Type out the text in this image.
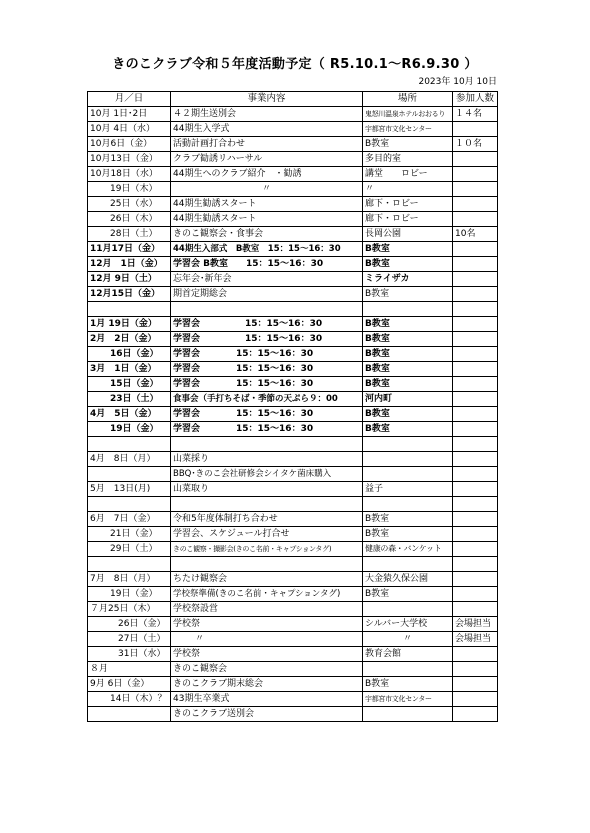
きのこクラブ令和５年度活動予定（ R5.10.1～R6.9.30 ）
2023年 10月 10日
月／日	事業内容	場所	参加人数
10月 1日･2日	４２期生送別会	鬼怒川温泉ホテルおおるり	１４名
10月 4日（水）	44期生入学式	宇都宮市文化センター	
10月6日（金）	活動計画打合わせ	B教室	１０名
10月13日（金）	クラブ勧誘リハーサル	多目的室	
10月18日（水）	44期生へのクラブ紹介　・勧誘	講堂　　ロビー	
19日（木）	〃	〃	
25日（水）	44期生勧誘スタート	廊下・ロビー	
26日（木）	44期生勧誘スタート	廊下・ロビー	
28日（土）	きのこ観察会・食事会	長岡公園	10名
11月17日（金）	44期生入部式　B教室　15：15～16：30	B教室	
12月　1日（金）	学習会 B教室　　15：15～16：30	B教室	
12月 9日（土）	忘年会･新年会	ミライザカ	
12月15日（金）	期首定期総会	B教室	

1月 19日（金）	学習会　　　　　15：15～16：30	B教室	
2月　2日（金）	学習会　　　　　15：15～16：30	B教室	
16日（金）	学習会　　　　15：15～16：30	B教室	
3月　1日（金）	学習会　　　　15：15～16：30	B教室	
15日（金）	学習会　　　　15：15～16：30	B教室	
23日（土）	食事会（手打ちそば・季節の天ぷら９：00	河内町	
4月　5日（金）	学習会　　　　15：15～16：30	B教室	
19日（金）	学習会　　　　15：15～16：30	B教室	

4月　8日（月）	山菜採り		
	BBQ･きのこ会社研修会シイタケ菌床購入		
5月　13日(月)	山菜取り	益子	

6月　7日（金）	令和5年度体制打ち合わせ	B教室	
21日（金）	学習会、スケジュール打合せ	B教室	
29日（土）	きのこ観察・撮影会(きのこ名前・キャプションタグ)	健康の森・バンケット	

7月　8日（月）	ちたけ観察会	大金猿久保公園	
19日（金）	学校祭準備(きのこ名前・キャプションタグ)	B教室	
７月25日（木）	学校祭設営		
26日（金）	学校祭	シルバー大学校	会場担当
27日（土）	〃	〃	会場担当
31日（水）	学校祭	教育会館	
８月	きのこ観察会		
9月 6日（金）	きのこクラブ期末総会	B教室	
14日（木）？	43期生卒業式	宇都宮市文化センター	
	きのこクラブ送別会		
